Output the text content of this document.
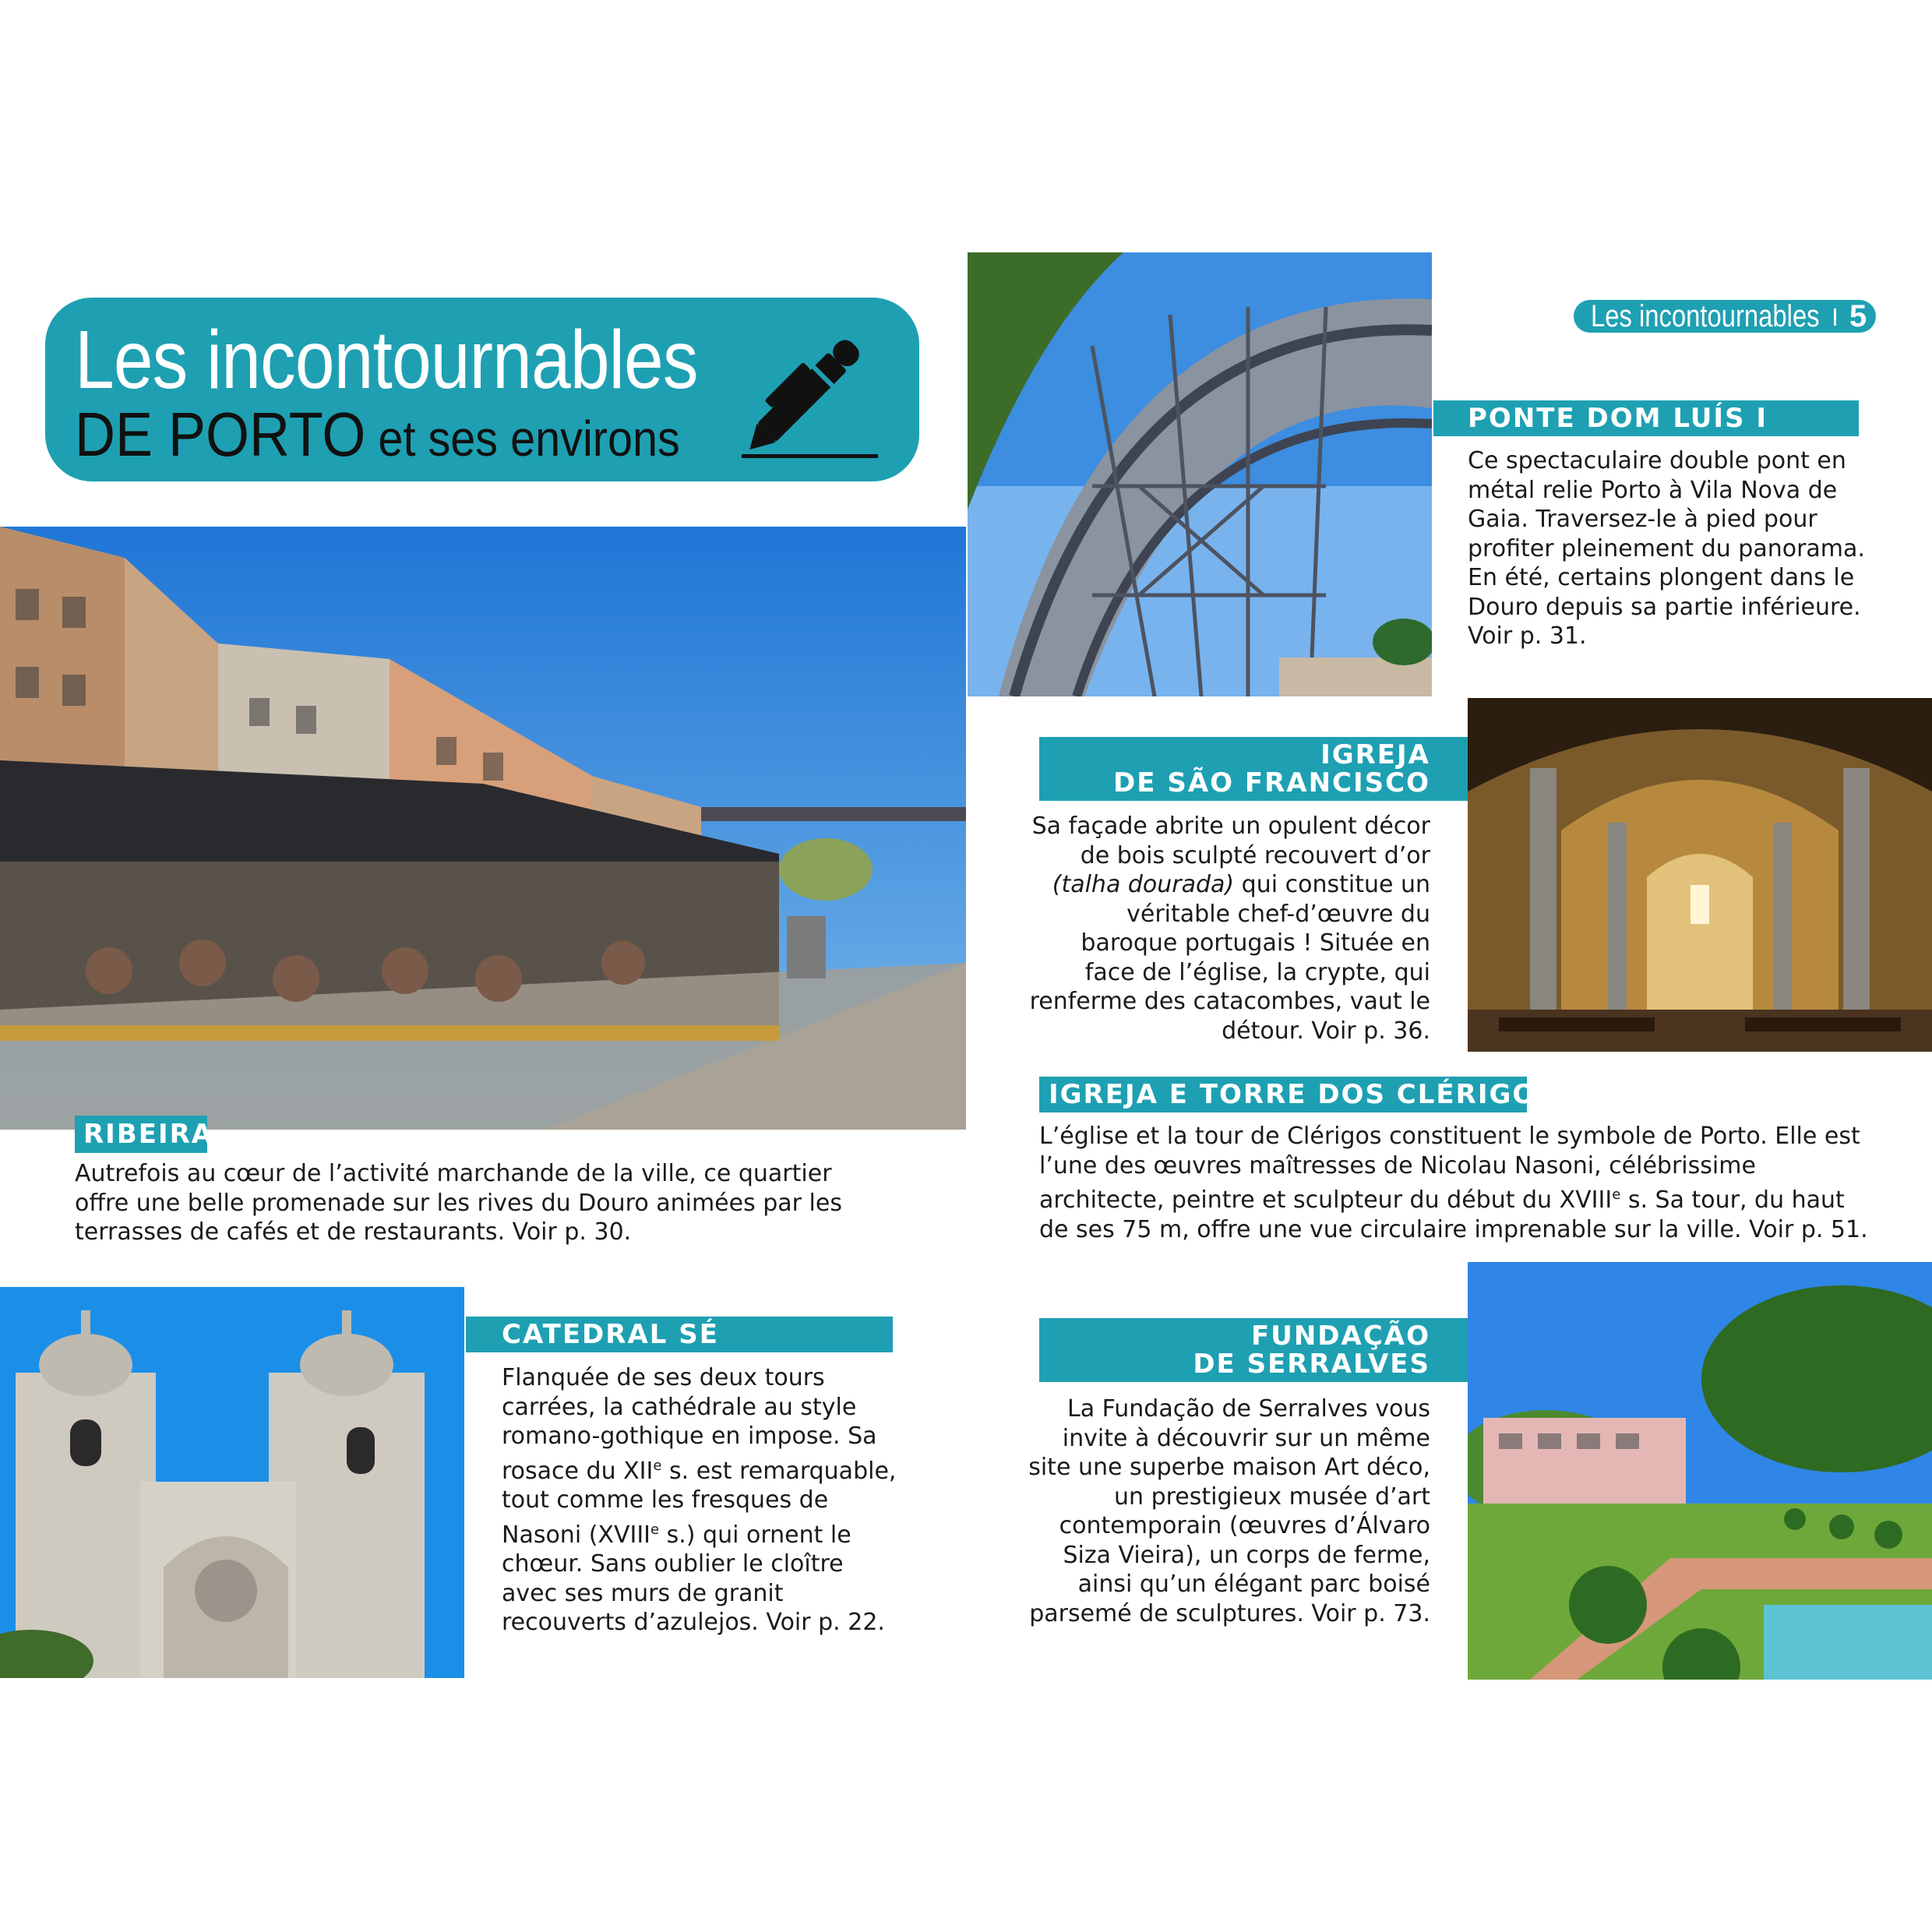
Les incontournables
DE PORTO et ses environs
Les incontournables 5
RIBEIRA
Autrefois au cœur de l’activité marchande de la ville, ce quartier offre une belle promenade sur les rives du Douro animées par les terrasses de cafés et de restaurants. Voir p. 30.
PONTE DOM LUÍS I
Ce spectaculaire double pont en métal relie Porto à Vila Nova de Gaia. Traversez-le à pied pour profiter pleinement du panorama. En été, certains plongent dans le Douro depuis sa partie inférieure. Voir p. 31.
IGREJA
DE SÃO FRANCISCO
Sa façade abrite un opulent décor de bois sculpté recouvert d’or (talha dourada) qui constitue un véritable chef-d’œuvre du baroque portugais ! Située en face de l’église, la crypte, qui renferme des catacombes, vaut le détour. Voir p. 36.
IGREJA E TORRE DOS CLÉRIGOS
L’église et la tour de Clérigos constituent le symbole de Porto. Elle est l’une des œuvres maîtresses de Nicolau Nasoni, célébrissime architecte, peintre et sculpteur du début du XVIIIe s. Sa tour, du haut de ses 75 m, offre une vue circulaire imprenable sur la ville. Voir p. 51.
CATEDRAL SÉ
Flanquée de ses deux tours carrées, la cathédrale au style romano-gothique en impose. Sa rosace du XIIe s. est remarquable, tout comme les fresques de Nasoni (XVIIIe s.) qui ornent le chœur. Sans oublier le cloître avec ses murs de granit recouverts d’azulejos. Voir p. 22.
FUNDAÇÃO
DE SERRALVES
La Fundação de Serralves vous invite à découvrir sur un même site une superbe maison Art déco, un prestigieux musée d’art contemporain (œuvres d’Álvaro Siza Vieira), un corps de ferme, ainsi qu’un élégant parc boisé parsemé de sculptures. Voir p. 73.
